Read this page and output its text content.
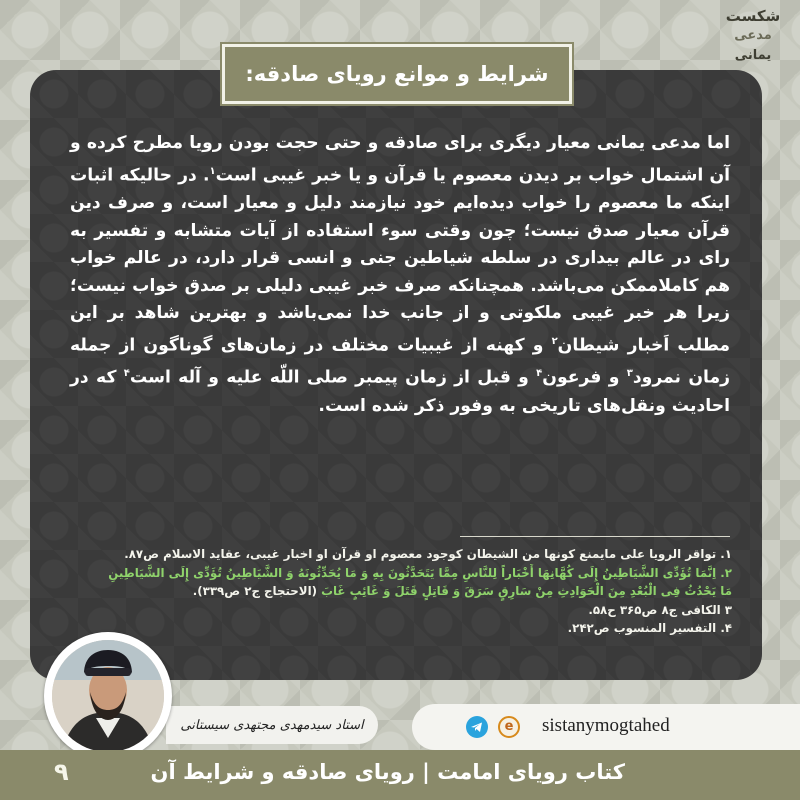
شکست
مدعی
یمانی
شرایط و موانع رویای صادقه:

اما مدعی یمانی معیار دیگری برای صادقه و حتی حجت بودن رویا مطرح کرده و آن اشتمال خواب بر دیدن معصوم یا قرآن و یا خبر غیبی است$^۱$. در حالیکه اثبات اینکه ما معصوم را خواب دیده‌ایم خود نیازمند دلیل و معیار است، و صرف دین قرآن معیار صدق نیست؛ چون وقتی سوء استفاده از آیات متشابه و تفسیر به رای در عالم بیداری در سلطه شیاطین جنی و انسی قرار دارد، در عالم خواب هم کاملاممکن می‌باشد. همچنانکه صرف خبر غیبی دلیلی بر صدق خواب نیست؛ زیرا هر خبر غیبی ملکوتی و از جانب خدا نمی‌باشد و بهترین شاهد بر این مطلب اَخبار شیطان$^۲$ و کهنه از غیبیات مختلف در زمان‌های گوناگون از جمله زمان نمرود$^۳$ و فرعون$^۴$ و قبل از زمان پیمبر صلی اللّه علیه و آله است$^۴$ که در احادیث ونقل‌های تاریخی به وفور ذکر شده است.

۱. تواقر الرویا علی مایمنع کونها من الشیطان کوجود معصوم او قرآن او اخبار غیبی، عقاید الاسلام ص۸۷.
۲. اِنَّمَا تُؤَدِّی الشَّیَاطِینُ إِلَی کُهَّانِهَا أَخْبَاراً لِلنَّاسِ مِمَّا یَتَحَدَّثُونَ بِهِ وَ مَا یُحَدِّثُونَهُ وَ الشَّیَاطِینُ تُؤَدِّی إِلَی الشَّیَاطِینِ
مَا یَحْدُثُ فِی الْبُعْدِ مِنَ الْحَوَادِثِ مِنْ سَارِقٍ سَرَقَ وَ قَاتِلٍ قَتَلَ وَ غَائِبٍ غَابَ (الاحتجاج ج۲ ص۳۳۹).
۳ الکافی ج۸ ص۳۶۵ ح۵۸.
۴. التفسیر المنسوب ص۲۴۲.
استاد سیدمهدی مجتهدی سیستانی	e	sistanymogtahed
۹	کتاب رویای امامت | رویای صادقه و شرایط آن
